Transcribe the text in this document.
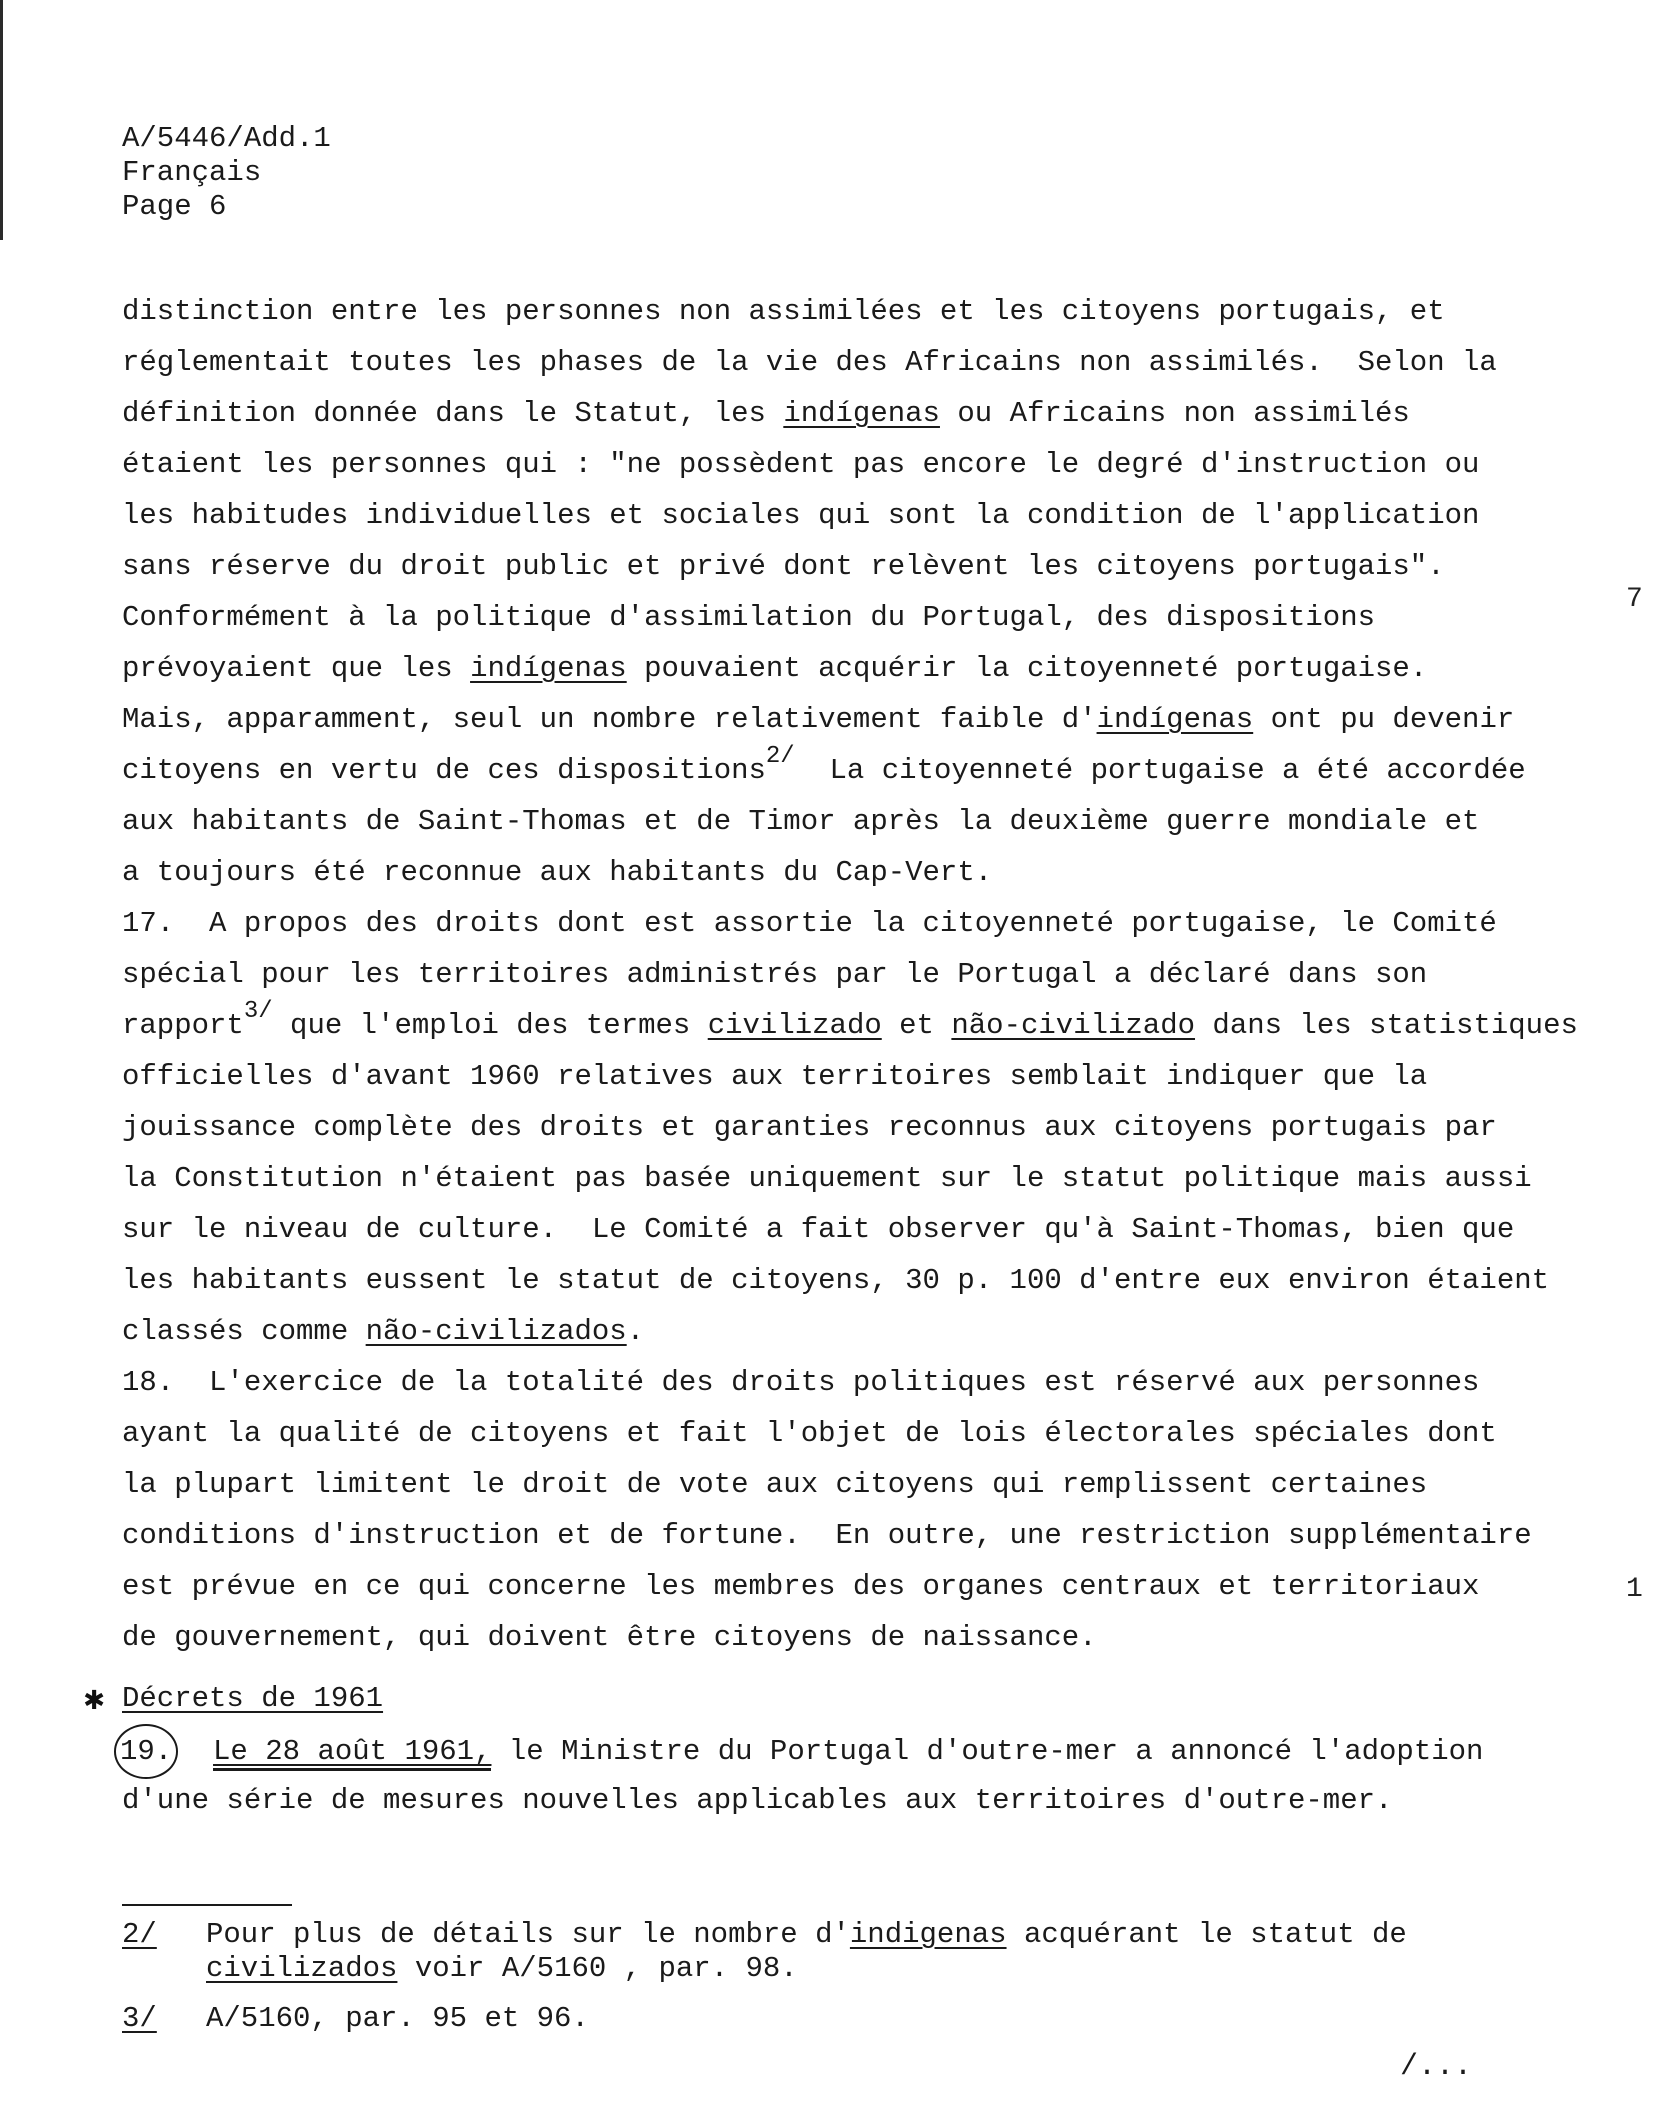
A/5446/Add.1
Français
Page 6
distinction entre les personnes non assimilées et les citoyens portugais, et
réglementait toutes les phases de la vie des Africains non assimilés.  Selon la
définition donnée dans le Statut, les indígenas ou Africains non assimilés
étaient les personnes qui : "ne possèdent pas encore le degré d'instruction ou
les habitudes individuelles et sociales qui sont la condition de l'application
sans réserve du droit public et privé dont relèvent les citoyens portugais".
Conformément à la politique d'assimilation du Portugal, des dispositions
prévoyaient que les indígenas pouvaient acquérir la citoyenneté portugaise.
Mais, apparamment, seul un nombre relativement faible d'indígenas ont pu devenir
citoyens en vertu de ces dispositions$^{2/}$  La citoyenneté portugaise a été accordée
aux habitants de Saint-Thomas et de Timor après la deuxième guerre mondiale et
a toujours été reconnue aux habitants du Cap-Vert.
17.  A propos des droits dont est assortie la citoyenneté portugaise, le Comité
spécial pour les territoires administrés par le Portugal a déclaré dans son
rapport$^{3/}$ que l'emploi des termes civilizado et não-civilizado dans les statistiques
officielles d'avant 1960 relatives aux territoires semblait indiquer que la
jouissance complète des droits et garanties reconnus aux citoyens portugais par
la Constitution n'étaient pas basée uniquement sur le statut politique mais aussi
sur le niveau de culture.  Le Comité a fait observer qu'à Saint-Thomas, bien que
les habitants eussent le statut de citoyens, 30 p. 100 d'entre eux environ étaient
classés comme não-civilizados.
18.  L'exercice de la totalité des droits politiques est réservé aux personnes
ayant la qualité de citoyens et fait l'objet de lois électorales spéciales dont
la plupart limitent le droit de vote aux citoyens qui remplissent certaines
conditions d'instruction et de fortune.  En outre, une restriction supplémentaire
est prévue en ce qui concerne les membres des organes centraux et territoriaux
de gouvernement, qui doivent être citoyens de naissance.
Décrets de 1961
19. Le 28 août 1961, le Ministre du Portugal d'outre-mer a annoncé l'adoption
d'une série de mesures nouvelles applicables aux territoires d'outre-mer.
✱
7
1
2/	Pour plus de détails sur le nombre d'indigenas acquérant le statut de
civilizados voir A/5160 , par. 98.
3/	A/5160, par. 95 et 96.
/...
